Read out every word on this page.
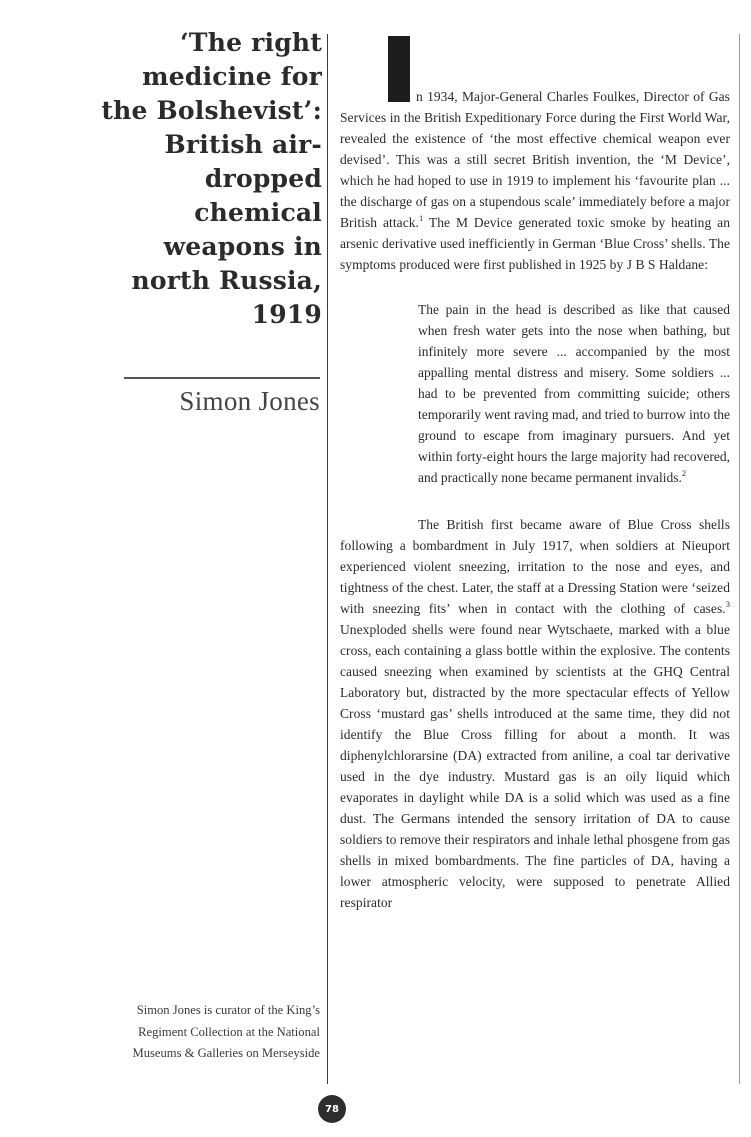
‘The right medicine for the Bolshevist’: British air-dropped chemical weapons in north Russia, 1919
Simon Jones
Simon Jones is curator of the King’s Regiment Collection at the National Museums & Galleries on Merseyside

n 1934, Major-General Charles Foulkes, Director of Gas Services in the British Expeditionary Force during the First World War, revealed the existence of ‘the most effective chemical weapon ever devised’. This was a still secret British invention, the ‘M Device’, which he had hoped to use in 1919 to implement his ‘favourite plan ... the discharge of gas on a stupendous scale’ immediately before a major British attack.$^1$ The M Device generated toxic smoke by heating an arsenic derivative used inefficiently in German ‘Blue Cross’ shells. The symptoms produced were first published in 1925 by J B S Haldane:

The pain in the head is described as like that caused when fresh water gets into the nose when bathing, but infinitely more severe ... accompanied by the most appalling mental distress and misery. Some soldiers ... had to be prevented from committing suicide; others temporarily went raving mad, and tried to burrow into the ground to escape from imaginary pursuers. And yet within forty-eight hours the large majority had recovered, and practically none became permanent invalids.$^2$

The British first became aware of Blue Cross shells following a bombardment in July 1917, when soldiers at Nieuport experienced violent sneezing, irritation to the nose and eyes, and tightness of the chest. Later, the staff at a Dressing Station were ‘seized with sneezing fits’ when in contact with the clothing of cases.$^3$ Unexploded shells were found near Wytschaete, marked with a blue cross, each containing a glass bottle within the explosive. The contents caused sneezing when examined by scientists at the GHQ Central Laboratory but, distracted by the more spectacular effects of Yellow Cross ‘mustard gas’ shells introduced at the same time, they did not identify the Blue Cross filling for about a month. It was diphenylchlorarsine (DA) extracted from aniline, a coal tar derivative used in the dye industry. Mustard gas is an oily liquid which evaporates in daylight while DA is a solid which was used as a fine dust. The Germans intended the sensory irritation of DA to cause soldiers to remove their respirators and inhale lethal phosgene from gas shells in mixed bombardments. The fine particles of DA, having a lower atmospheric velocity, were supposed to penetrate Allied respirator

78
